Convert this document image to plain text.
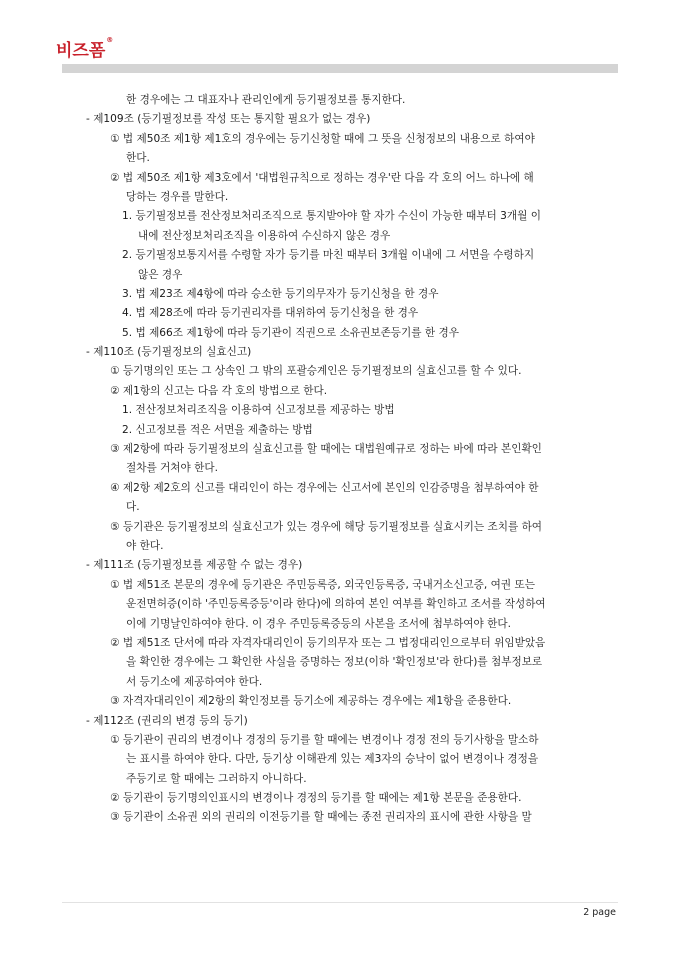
비즈폼®
한 경우에는 그 대표자나 관리인에게 등기필정보를 통지한다.
- 제109조 (등기필정보를 작성 또는 통지할 필요가 없는 경우)
① 법 제50조 제1항 제1호의 경우에는 등기신청할 때에 그 뜻을 신청정보의 내용으로 하여야
한다.
② 법 제50조 제1항 제3호에서 '대법원규칙으로 정하는 경우'란 다음 각 호의 어느 하나에 해
당하는 경우를 말한다.
1. 등기필정보를 전산정보처리조직으로 통지받아야 할 자가 수신이 가능한 때부터 3개월 이
내에 전산정보처리조직을 이용하여 수신하지 않은 경우
2. 등기필정보통지서를 수령할 자가 등기를 마친 때부터 3개월 이내에 그 서면을 수령하지
않은 경우
3. 법 제23조 제4항에 따라 승소한 등기의무자가 등기신청을 한 경우
4. 법 제28조에 따라 등기권리자를 대위하여 등기신청을 한 경우
5. 법 제66조 제1항에 따라 등기관이 직권으로 소유권보존등기를 한 경우
- 제110조 (등기필정보의 실효신고)
① 등기명의인 또는 그 상속인 그 밖의 포괄승계인은 등기필정보의 실효신고를 할 수 있다.
② 제1항의 신고는 다음 각 호의 방법으로 한다.
1. 전산정보처리조직을 이용하여 신고정보를 제공하는 방법
2. 신고정보를 적은 서면을 제출하는 방법
③ 제2항에 따라 등기필정보의 실효신고를 할 때에는 대법원예규로 정하는 바에 따라 본인확인
절차를 거쳐야 한다.
④ 제2항 제2호의 신고를 대리인이 하는 경우에는 신고서에 본인의 인감증명을 첨부하여야 한
다.
⑤ 등기관은 등기필정보의 실효신고가 있는 경우에 해당 등기필정보를 실효시키는 조치를 하여
야 한다.
- 제111조 (등기필정보를 제공할 수 없는 경우)
① 법 제51조 본문의 경우에 등기관은 주민등록증, 외국인등록증, 국내거소신고증, 여권 또는
운전면허증(이하 '주민등록증등'이라 한다)에 의하여 본인 여부를 확인하고 조서를 작성하여
이에 기명날인하여야 한다. 이 경우 주민등록증등의 사본을 조서에 첨부하여야 한다.
② 법 제51조 단서에 따라 자격자대리인이 등기의무자 또는 그 법정대리인으로부터 위임받았음
을 확인한 경우에는 그 확인한 사실을 증명하는 정보(이하 '확인정보'라 한다)를 첨부정보로
서 등기소에 제공하여야 한다.
③ 자격자대리인이 제2항의 확인정보를 등기소에 제공하는 경우에는 제1항을 준용한다.
- 제112조 (권리의 변경 등의 등기)
① 등기관이 권리의 변경이나 경정의 등기를 할 때에는 변경이나 경정 전의 등기사항을 말소하
는 표시를 하여야 한다. 다만, 등기상 이해관계 있는 제3자의 승낙이 없어 변경이나 경정을
주등기로 할 때에는 그러하지 아니하다.
② 등기관이 등기명의인표시의 변경이나 경정의 등기를 할 때에는 제1항 본문을 준용한다.
③ 등기관이 소유권 외의 권리의 이전등기를 할 때에는 종전 권리자의 표시에 관한 사항을 말
2 page
